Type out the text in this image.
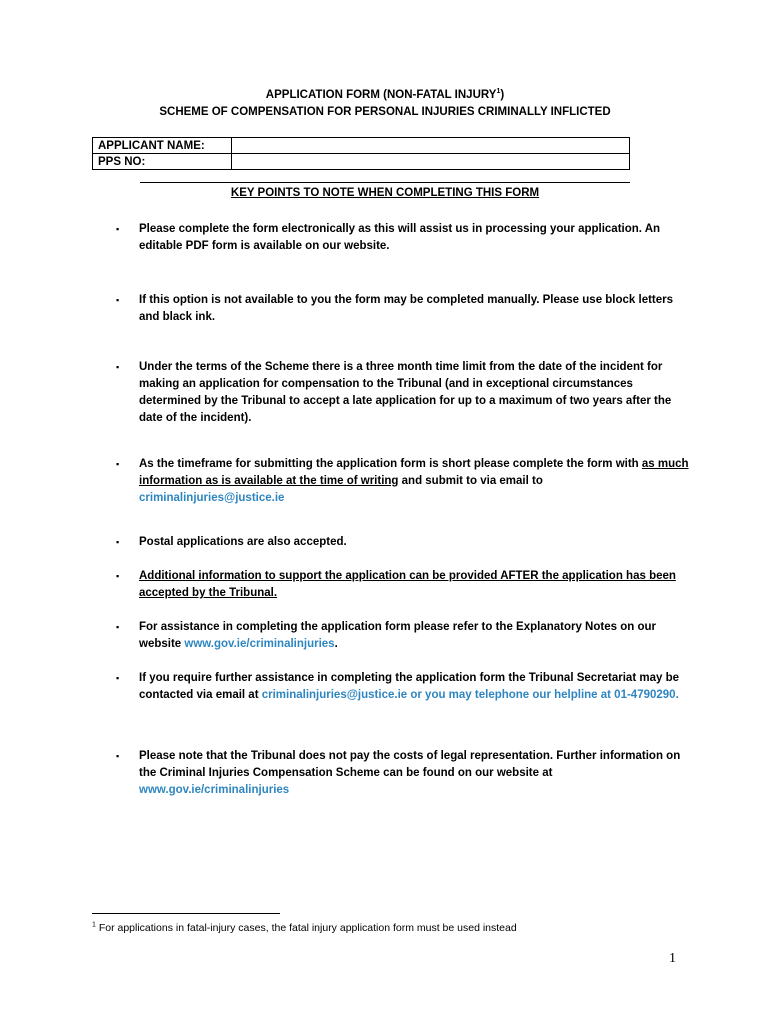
APPLICATION FORM (NON-FATAL INJURY$^1$)
SCHEME OF COMPENSATION FOR PERSONAL INJURIES CRIMINALLY INFLICTED
APPLICANT NAME:	
PPS NO:	
KEY POINTS TO NOTE WHEN COMPLETING THIS FORM
▪ Please complete the form electronically as this will assist us in processing your application. An editable PDF form is available on our website.
▪ If this option is not available to you the form may be completed manually. Please use block letters and black ink.
▪ Under the terms of the Scheme there is a three month time limit from the date of the incident for making an application for compensation to the Tribunal (and in exceptional circumstances determined by the Tribunal to accept a late application for up to a maximum of two years after the date of the incident).
▪ As the timeframe for submitting the application form is short please complete the form with as much information as is available at the time of writing and submit to via email to criminalinjuries@justice.ie
▪ Postal applications are also accepted.
▪ Additional information to support the application can be provided AFTER the application has been accepted by the Tribunal.
▪ For assistance in completing the application form please refer to the Explanatory Notes on our website www.gov.ie/criminalinjuries.
▪ If you require further assistance in completing the application form the Tribunal Secretariat may be contacted via email at criminalinjuries@justice.ie or you may telephone our helpline at 01-4790290.
▪ Please note that the Tribunal does not pay the costs of legal representation. Further information on the Criminal Injuries Compensation Scheme can be found on our website at www.gov.ie/criminalinjuries
$^1$ For applications in fatal-injury cases, the fatal injury application form must be used instead
1
